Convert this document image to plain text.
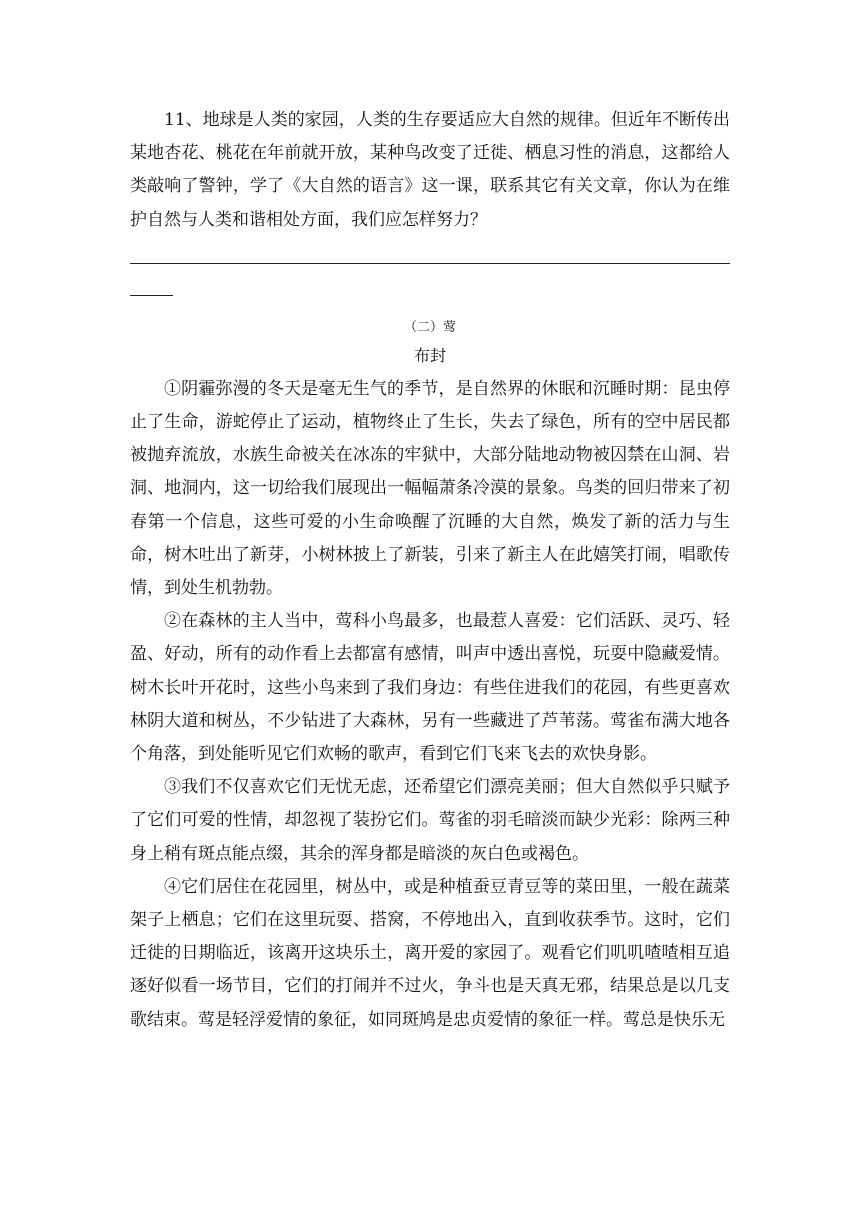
11、地球是人类的家园，人类的生存要适应大自然的规律。但近年不断传出某地杏花、桃花在年前就开放，某种鸟改变了迁徙、栖息习性的消息，这都给人类敲响了警钟，学了《大自然的语言》这一课，联系其它有关文章，你认为在维护自然与人类和谐相处方面，我们应怎样努力？

（二）莺

布封

①阴霾弥漫的冬天是毫无生气的季节，是自然界的休眠和沉睡时期：昆虫停止了生命，游蛇停止了运动，植物终止了生长，失去了绿色，所有的空中居民都被抛弃流放，水族生命被关在冰冻的牢狱中，大部分陆地动物被囚禁在山洞、岩洞、地洞内，这一切给我们展现出一幅幅萧条冷漠的景象。鸟类的回归带来了初春第一个信息，这些可爱的小生命唤醒了沉睡的大自然，焕发了新的活力与生命，树木吐出了新芽，小树林披上了新装，引来了新主人在此嬉笑打闹，唱歌传情，到处生机勃勃。

②在森林的主人当中，莺科小鸟最多，也最惹人喜爱：它们活跃、灵巧、轻盈、好动，所有的动作看上去都富有感情，叫声中透出喜悦，玩耍中隐藏爱情。树木长叶开花时，这些小鸟来到了我们身边：有些住进我们的花园，有些更喜欢林阴大道和树丛，不少钻进了大森林，另有一些藏进了芦苇荡。莺雀布满大地各个角落，到处能听见它们欢畅的歌声，看到它们飞来飞去的欢快身影。

③我们不仅喜欢它们无忧无虑，还希望它们漂亮美丽；但大自然似乎只赋予了它们可爱的性情，却忽视了装扮它们。莺雀的羽毛暗淡而缺少光彩：除两三种身上稍有斑点能点缀，其余的浑身都是暗淡的灰白色或褐色。

④它们居住在花园里，树丛中，或是种植蚕豆青豆等的菜田里，一般在蔬菜架子上栖息；它们在这里玩耍、搭窝，不停地出入，直到收获季节。这时，它们迁徙的日期临近，该离开这块乐土，离开爱的家园了。观看它们叽叽喳喳相互追逐好似看一场节目，它们的打闹并不过火，争斗也是天真无邪，结果总是以几支歌结束。莺是轻浮爱情的象征，如同斑鸠是忠贞爱情的象征一样。莺总是快乐无
